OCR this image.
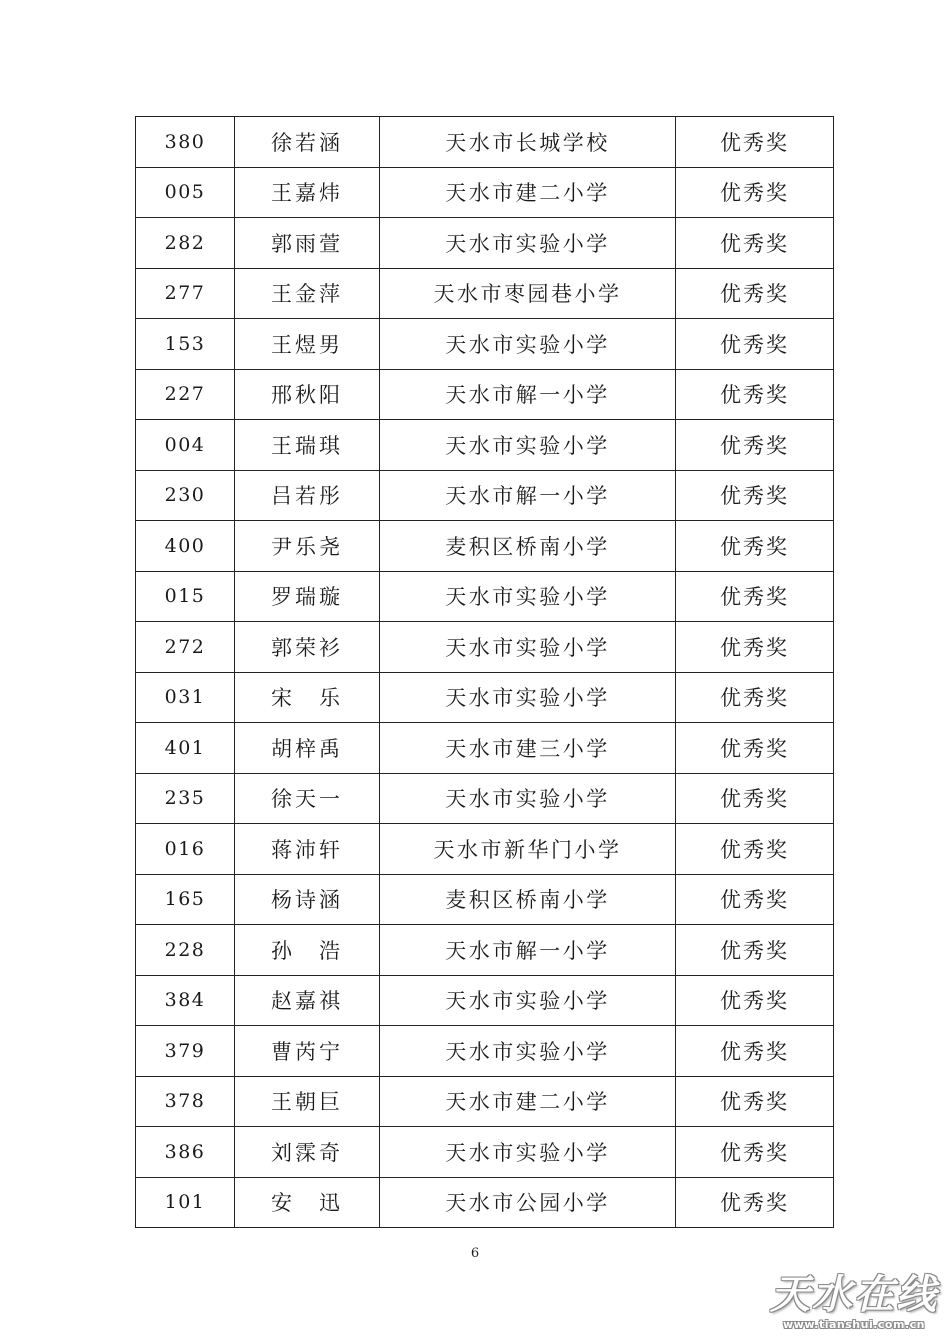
380	徐若涵	天水市长城学校	优秀奖
005	王嘉炜	天水市建二小学	优秀奖
282	郭雨萱	天水市实验小学	优秀奖
277	王金萍	天水市枣园巷小学	优秀奖
153	王煜男	天水市实验小学	优秀奖
227	邢秋阳	天水市解一小学	优秀奖
004	王瑞琪	天水市实验小学	优秀奖
230	吕若彤	天水市解一小学	优秀奖
400	尹乐尧	麦积区桥南小学	优秀奖
015	罗瑞璇	天水市实验小学	优秀奖
272	郭荣衫	天水市实验小学	优秀奖
031	宋　乐	天水市实验小学	优秀奖
401	胡梓禹	天水市建三小学	优秀奖
235	徐天一	天水市实验小学	优秀奖
016	蒋沛轩	天水市新华门小学	优秀奖
165	杨诗涵	麦积区桥南小学	优秀奖
228	孙　浩	天水市解一小学	优秀奖
384	赵嘉祺	天水市实验小学	优秀奖
379	曹芮宁	天水市实验小学	优秀奖
378	王朝巨	天水市建二小学	优秀奖
386	刘霂奇	天水市实验小学	优秀奖
101	安　迅	天水市公园小学	优秀奖
6
天水在线
www.tianshui.com.cn
